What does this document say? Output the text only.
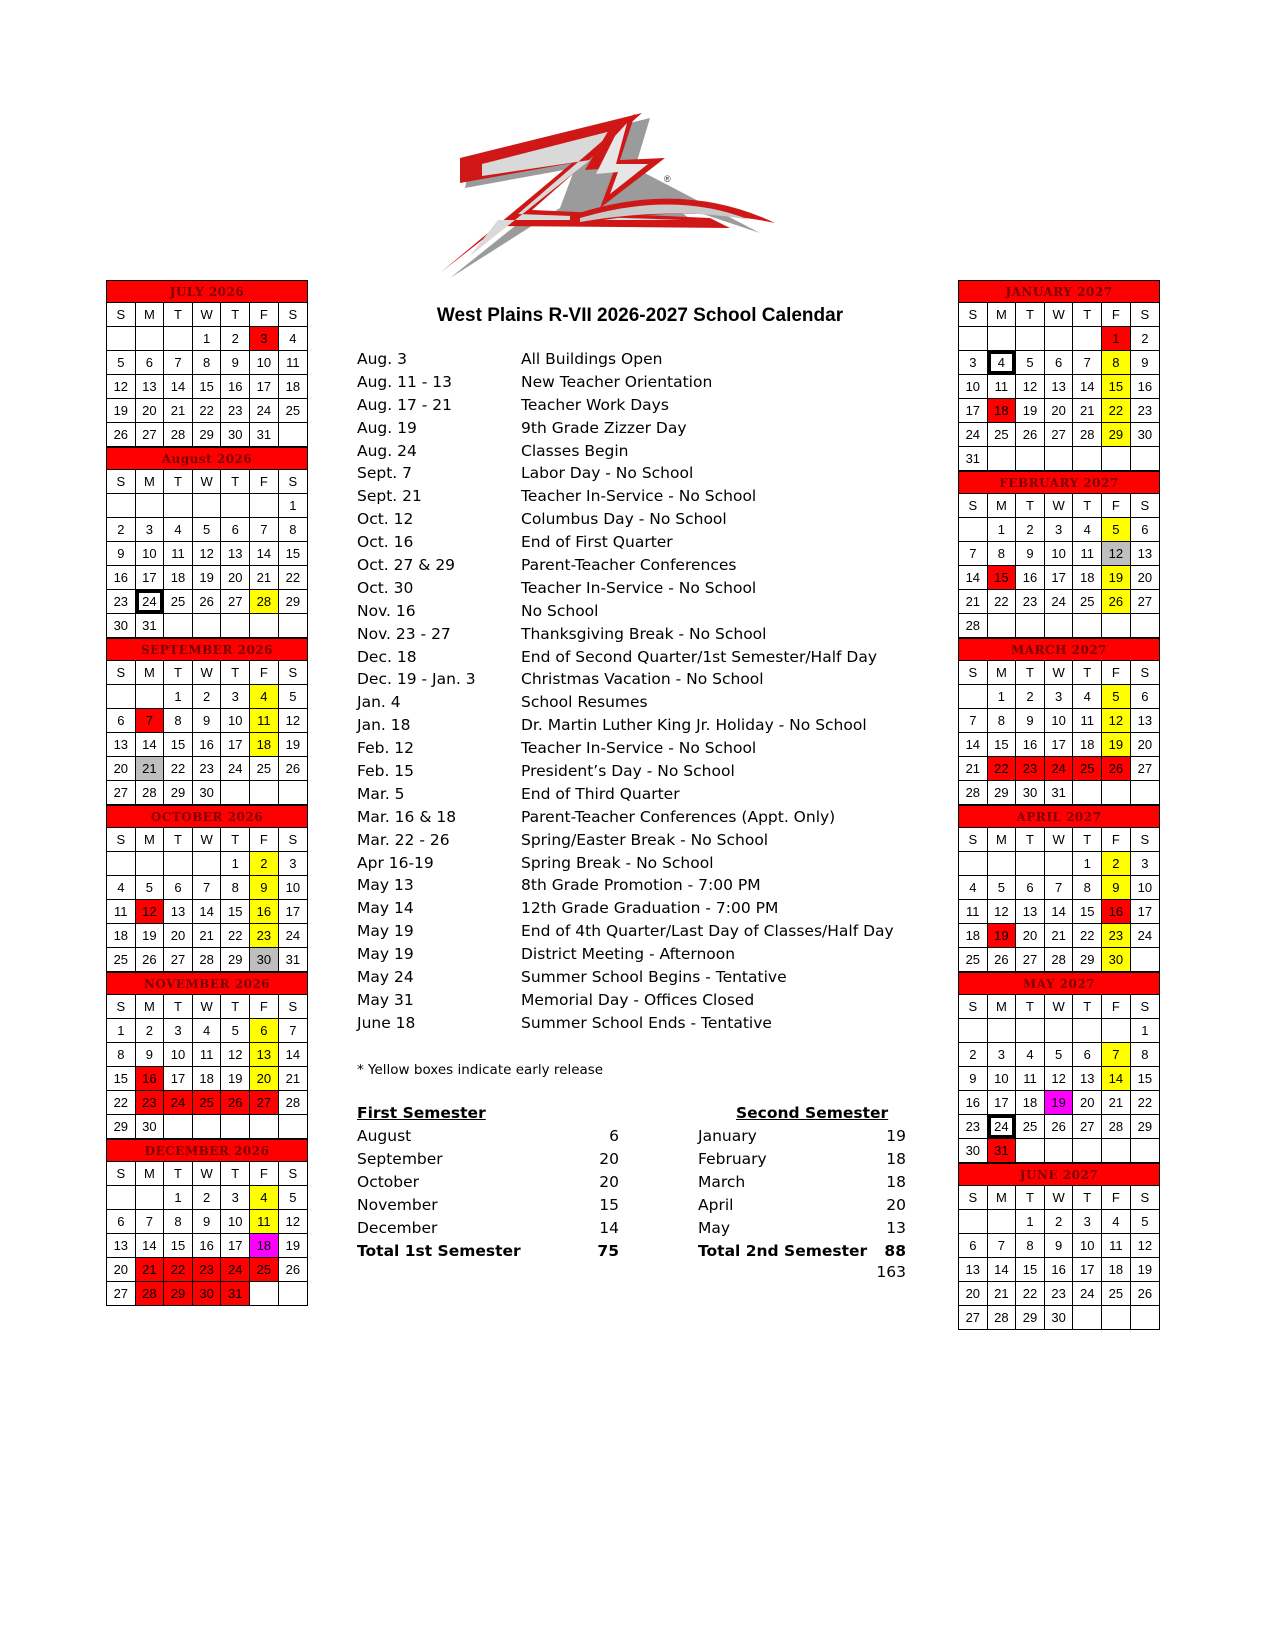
®
JULY 2026						
S	M	T	W	T	F	S
			1	2	3	4
5	6	7	8	9	10	11
12	13	14	15	16	17	18
19	20	21	22	23	24	25
26	27	28	29	30	31	
August 2026						
S	M	T	W	T	F	S
						1
2	3	4	5	6	7	8
9	10	11	12	13	14	15
16	17	18	19	20	21	22
23	24	25	26	27	28	29
30	31					
SEPTEMBER 2026						
S	M	T	W	T	F	S
		1	2	3	4	5
6	7	8	9	10	11	12
13	14	15	16	17	18	19
20	21	22	23	24	25	26
27	28	29	30			
OCTOBER 2026						
S	M	T	W	T	F	S
				1	2	3
4	5	6	7	8	9	10
11	12	13	14	15	16	17
18	19	20	21	22	23	24
25	26	27	28	29	30	31
NOVEMBER 2026						
S	M	T	W	T	F	S
1	2	3	4	5	6	7
8	9	10	11	12	13	14
15	16	17	18	19	20	21
22	23	24	25	26	27	28
29	30					
DECEMBER 2026						
S	M	T	W	T	F	S
		1	2	3	4	5
6	7	8	9	10	11	12
13	14	15	16	17	18	19
20	21	22	23	24	25	26
27	28	29	30	31		
West Plains R-VII 2026-2027 School Calendar
Aug. 3	All Buildings Open
Aug. 11 - 13	New Teacher Orientation
Aug. 17 - 21	Teacher Work Days
Aug. 19	9th Grade Zizzer Day
Aug. 24	Classes Begin
Sept. 7	Labor Day - No School
Sept. 21	Teacher In-Service - No School
Oct. 12	Columbus Day - No School
Oct. 16	End of First Quarter
Oct. 27 & 29	Parent-Teacher Conferences
Oct. 30	Teacher In-Service - No School
Nov. 16	No School
Nov. 23 - 27	Thanksgiving Break - No School
Dec. 18	End of Second Quarter/1st Semester/Half Day
Dec. 19 - Jan. 3	Christmas Vacation - No School
Jan. 4	School Resumes
Jan. 18	Dr. Martin Luther King Jr. Holiday - No School
Feb. 12	Teacher In-Service - No School
Feb. 15	President’s Day - No School
Mar. 5	End of Third Quarter
Mar. 16 & 18	Parent-Teacher Conferences (Appt. Only)
Mar. 22 - 26	Spring/Easter Break - No School
Apr 16-19	Spring Break - No School
May 13	8th Grade Promotion - 7:00 PM
May 14	12th Grade Graduation - 7:00 PM
May 19	End of 4th Quarter/Last Day of Classes/Half Day
May 19	District Meeting - Afternoon
May 24	Summer School Begins - Tentative
May 31	Memorial Day - Offices Closed
June 18	Summer School Ends - Tentative
* Yellow boxes indicate early release
First Semester
August	6
September	20
October	20
November	15
December	14
Total 1st Semester	75
Second Semester
January	19
February	18
March	18
April	20
May	13
Total 2nd Semester	88
163
JANUARY 2027						
S	M	T	W	T	F	S
					1	2
3	4	5	6	7	8	9
10	11	12	13	14	15	16
17	18	19	20	21	22	23
24	25	26	27	28	29	30
31						
FEBRUARY 2027						
S	M	T	W	T	F	S
	1	2	3	4	5	6
7	8	9	10	11	12	13
14	15	16	17	18	19	20
21	22	23	24	25	26	27
28						
MARCH 2027						
S	M	T	W	T	F	S
	1	2	3	4	5	6
7	8	9	10	11	12	13
14	15	16	17	18	19	20
21	22	23	24	25	26	27
28	29	30	31			
APRIL 2027						
S	M	T	W	T	F	S
				1	2	3
4	5	6	7	8	9	10
11	12	13	14	15	16	17
18	19	20	21	22	23	24
25	26	27	28	29	30	
MAY 2027						
S	M	T	W	T	F	S
						1
2	3	4	5	6	7	8
9	10	11	12	13	14	15
16	17	18	19	20	21	22
23	24	25	26	27	28	29
30	31					
JUNE 2027						
S	M	T	W	T	F	S
		1	2	3	4	5
6	7	8	9	10	11	12
13	14	15	16	17	18	19
20	21	22	23	24	25	26
27	28	29	30			
